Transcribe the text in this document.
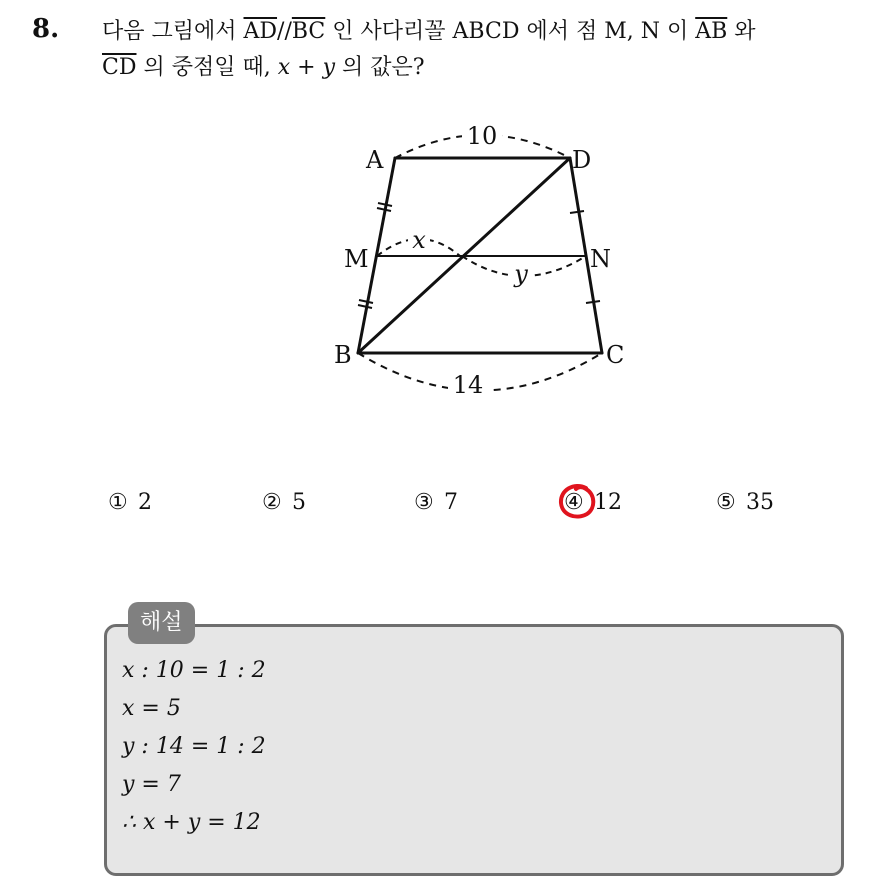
8. 다음 그림에서 $\overline{AD}//\overline{BC}$ 인 사다리꼴 ABCD 에서 점 M, N 이 $\overline{AB}$ 와
$\overline{CD}$ 의 중점일 때, x + y 의 값은?
10
14
A	D
M	N
B	C
x
y
① 2	② 5	③ 7	④ 12	⑤ 35
해설
x : 10 = 1 : 2
x = 5
y : 14 = 1 : 2
y = 7
∴ x + y = 12
